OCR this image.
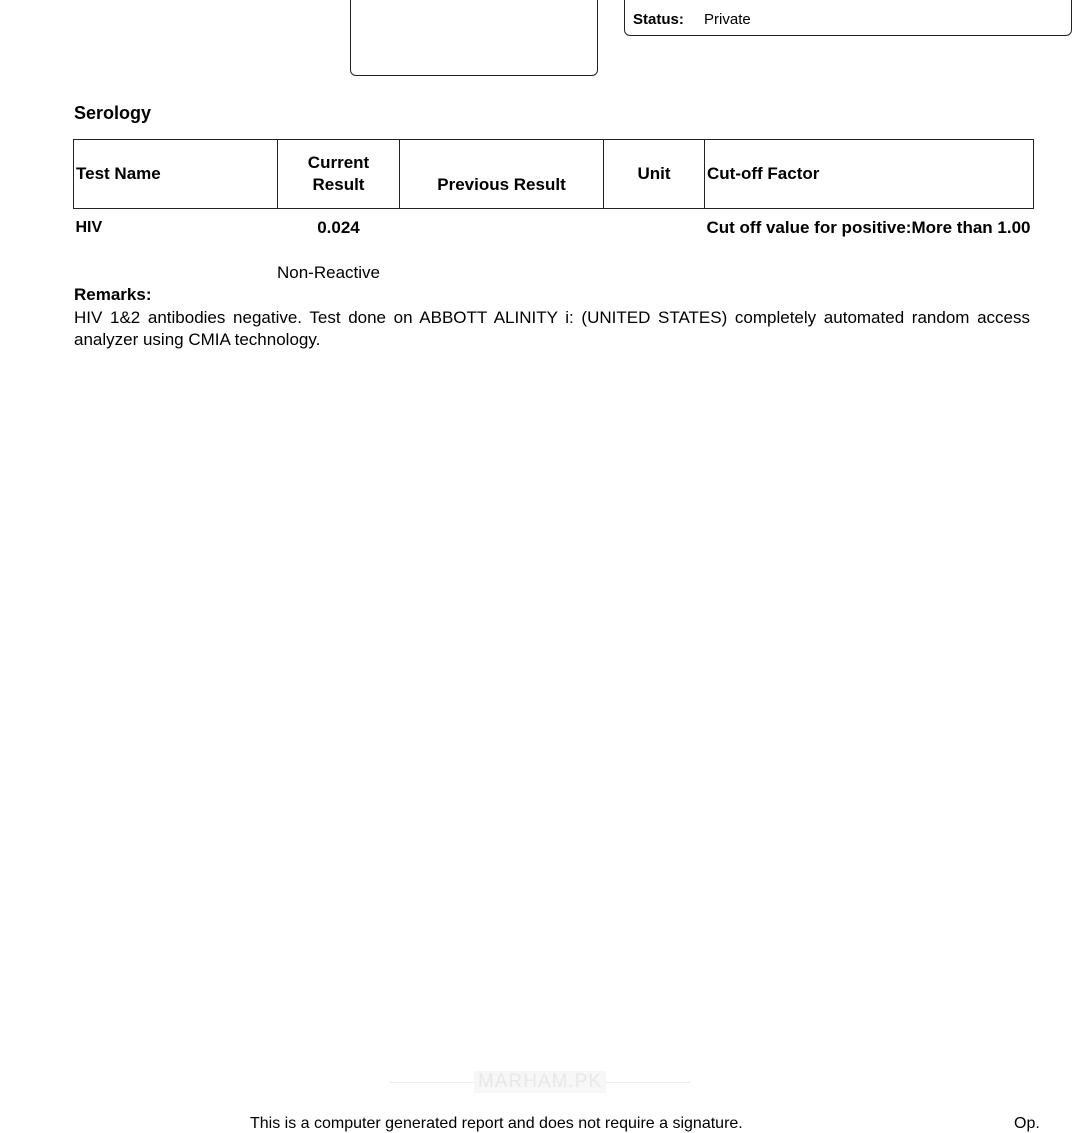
Status: Private
Serology
Test Name	Current Result	Previous Result	Unit	Cut-off Factor
HIV	0.024			Cut off value for positive:More than 1.00
Non-Reactive
Remarks:
HIV 1&2 antibodies negative. Test done on ABBOTT ALINITY i: (UNITED STATES) completely automated random access analyzer using CMIA technology.
MARHAM.PK
This is a computer generated report and does not require a signature.	Op.
